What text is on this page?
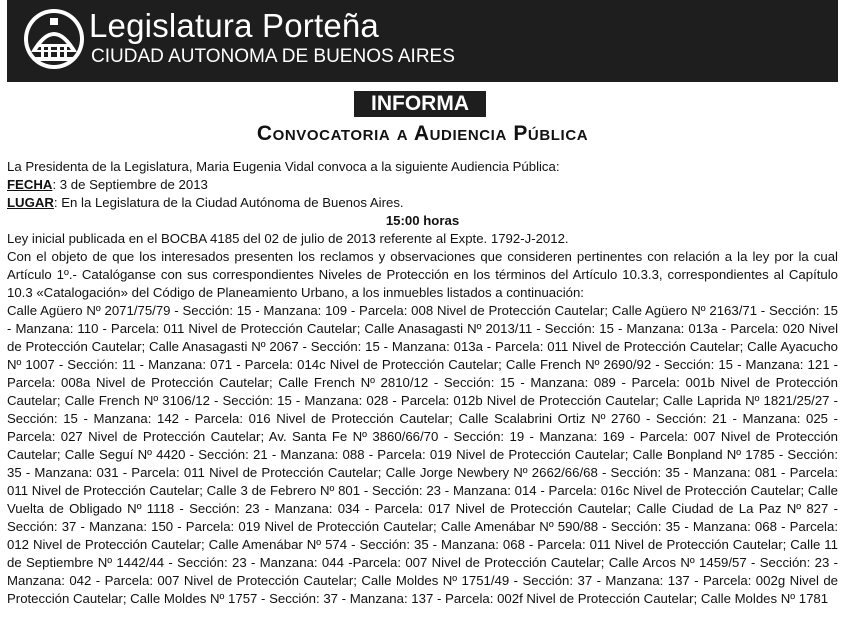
Legislatura Porteña
CIUDAD AUTONOMA DE BUENOS AIRES
INFORMA
Convocatoria a Audiencia Pública

La Presidenta de la Legislatura, Maria Eugenia Vidal convoca a la siguiente Audiencia Pública:

FECHA: 3 de Septiembre de 2013

LUGAR: En la Legislatura de la Ciudad Autónoma de Buenos Aires.

15:00 horas

Ley inicial publicada en el BOCBA 4185 del 02 de julio de 2013 referente al Expte. 1792-J-2012.

Con el objeto de que los interesados presenten los reclamos y observaciones que consideren pertinentes con relación a la ley por la cual Artículo 1º.- Catalóganse con sus correspondientes Niveles de Protección en los términos del Artículo 10.3.3, correspondientes al Capítulo 10.3 «Catalogación» del Código de Planeamiento Urbano, a los inmuebles listados a continuación:

Calle Agüero Nº 2071/75/79 - Sección: 15 - Manzana: 109 - Parcela: 008 Nivel de Protección Cautelar; Calle Agüero Nº 2163/71 - Sección: 15 - Manzana: 110 - Parcela: 011 Nivel de Protección Cautelar; Calle Anasagasti Nº 2013/11 - Sección: 15 - Manzana: 013a - Parcela: 020 Nivel de Protección Cautelar; Calle Anasagasti Nº 2067 - Sección: 15 - Manzana: 013a - Parcela: 011 Nivel de Protección Cautelar; Calle Ayacucho Nº 1007 - Sección: 11 - Manzana: 071 - Parcela: 014c Nivel de Protección Cautelar; Calle French Nº 2690/92 - Sección: 15 - Manzana: 121 - Parcela: 008a Nivel de Protección Cautelar; Calle French Nº 2810/12 - Sección: 15 - Manzana: 089 - Parcela: 001b Nivel de Protección Cautelar; Calle French Nº 3106/12 - Sección: 15 - Manzana: 028 - Parcela: 012b Nivel de Protección Cautelar; Calle Laprida Nº 1821/25/27 - Sección: 15 - Manzana: 142 - Parcela: 016 Nivel de Protección Cautelar; Calle Scalabrini Ortiz Nº 2760 - Sección: 21 - Manzana: 025 - Parcela: 027 Nivel de Protección Cautelar; Av. Santa Fe Nº 3860/66/70 - Sección: 19 - Manzana: 169 - Parcela: 007 Nivel de Protección Cautelar; Calle Seguí Nº 4420 - Sección: 21 - Manzana: 088 - Parcela: 019 Nivel de Protección Cautelar; Calle Bonpland Nº 1785 - Sección: 35 - Manzana: 031 - Parcela: 011 Nivel de Protección Cautelar; Calle Jorge Newbery Nº 2662/66/68 - Sección: 35 - Manzana: 081 - Parcela: 011 Nivel de Protección Cautelar; Calle 3 de Febrero Nº 801 - Sección: 23 - Manzana: 014 - Parcela: 016c Nivel de Protección Cautelar; Calle Vuelta de Obligado Nº 1118 - Sección: 23 - Manzana: 034 - Parcela: 017 Nivel de Protección Cautelar; Calle Ciudad de La Paz Nº 827 - Sección: 37 - Manzana: 150 - Parcela: 019 Nivel de Protección Cautelar; Calle Amenábar Nº 590/88 - Sección: 35 - Manzana: 068 - Parcela: 012 Nivel de Protección Cautelar; Calle Amenábar Nº 574 - Sección: 35 - Manzana: 068 - Parcela: 011 Nivel de Protección Cautelar; Calle 11 de Septiembre Nº 1442/44 - Sección: 23 - Manzana: 044 -Parcela: 007 Nivel de Protección Cautelar; Calle Arcos Nº 1459/57 - Sección: 23 - Manzana: 042 - Parcela: 007 Nivel de Protección Cautelar; Calle Moldes Nº 1751/49 - Sección: 37 - Manzana: 137 - Parcela: 002g Nivel de Protección Cautelar; Calle Moldes Nº 1757 - Sección: 37 - Manzana: 137 - Parcela: 002f Nivel de Protección Cautelar; Calle Moldes Nº 1781
